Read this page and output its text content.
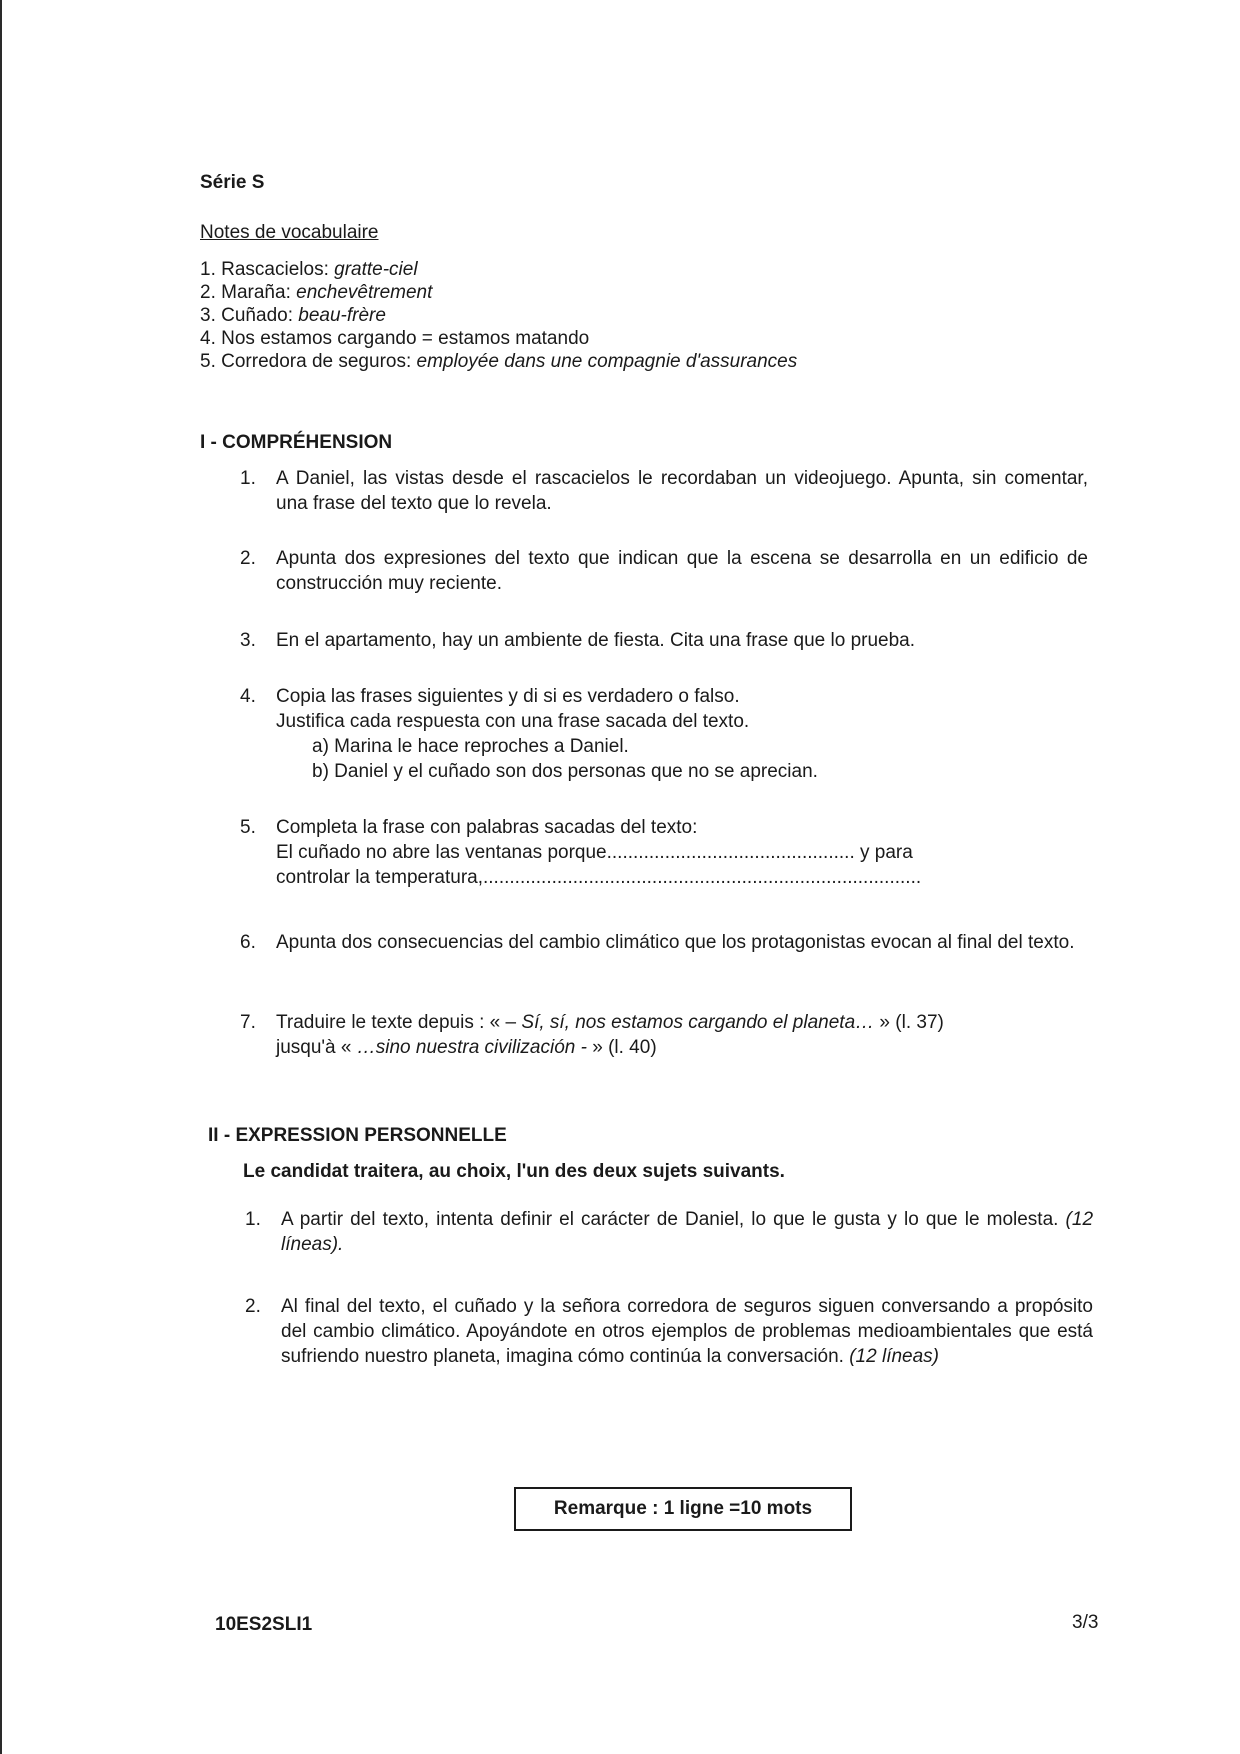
Série S
Notes de vocabulaire
1. Rascacielos: gratte-ciel
2. Maraña: enchevêtrement
3. Cuñado: beau-frère
4. Nos estamos cargando = estamos matando
5. Corredora de seguros: employée dans une compagnie d'assurances
I - COMPRÉHENSION
1. A Daniel, las vistas desde el rascacielos le recordaban un videojuego. Apunta, sin comentar, una frase del texto que lo revela.
2. Apunta dos expresiones del texto que indican que la escena se desarrolla en un edificio de construcción muy reciente.
3. En el apartamento, hay un ambiente de fiesta. Cita una frase que lo prueba.
4. Copia las frases siguientes y di si es verdadero o falso.
Justifica cada respuesta con una frase sacada del texto.
a) Marina le hace reproches a Daniel.
b) Daniel y el cuñado son dos personas que no se aprecian.
5. Completa la frase con palabras sacadas del texto:
El cuñado no abre las ventanas porque............................................... y para
controlar la temperatura,...................................................................................
6. Apunta dos consecuencias del cambio climático que los protagonistas evocan al final del texto.
7. Traduire le texte depuis : « – Sí, sí, nos estamos cargando el planeta… » (l. 37)
jusqu'à « …sino nuestra civilización - » (l. 40)
II - EXPRESSION PERSONNELLE
Le candidat traitera, au choix, l'un des deux sujets suivants.
1. A partir del texto, intenta definir el carácter de Daniel, lo que le gusta y lo que le molesta. (12 líneas).
2. Al final del texto, el cuñado y la señora corredora de seguros siguen conversando a propósito del cambio climático. Apoyándote en otros ejemplos de problemas medioambientales que está sufriendo nuestro planeta, imagina cómo continúa la conversación. (12 líneas)
Remarque : 1 ligne =10 mots
10ES2SLI1	3/3
